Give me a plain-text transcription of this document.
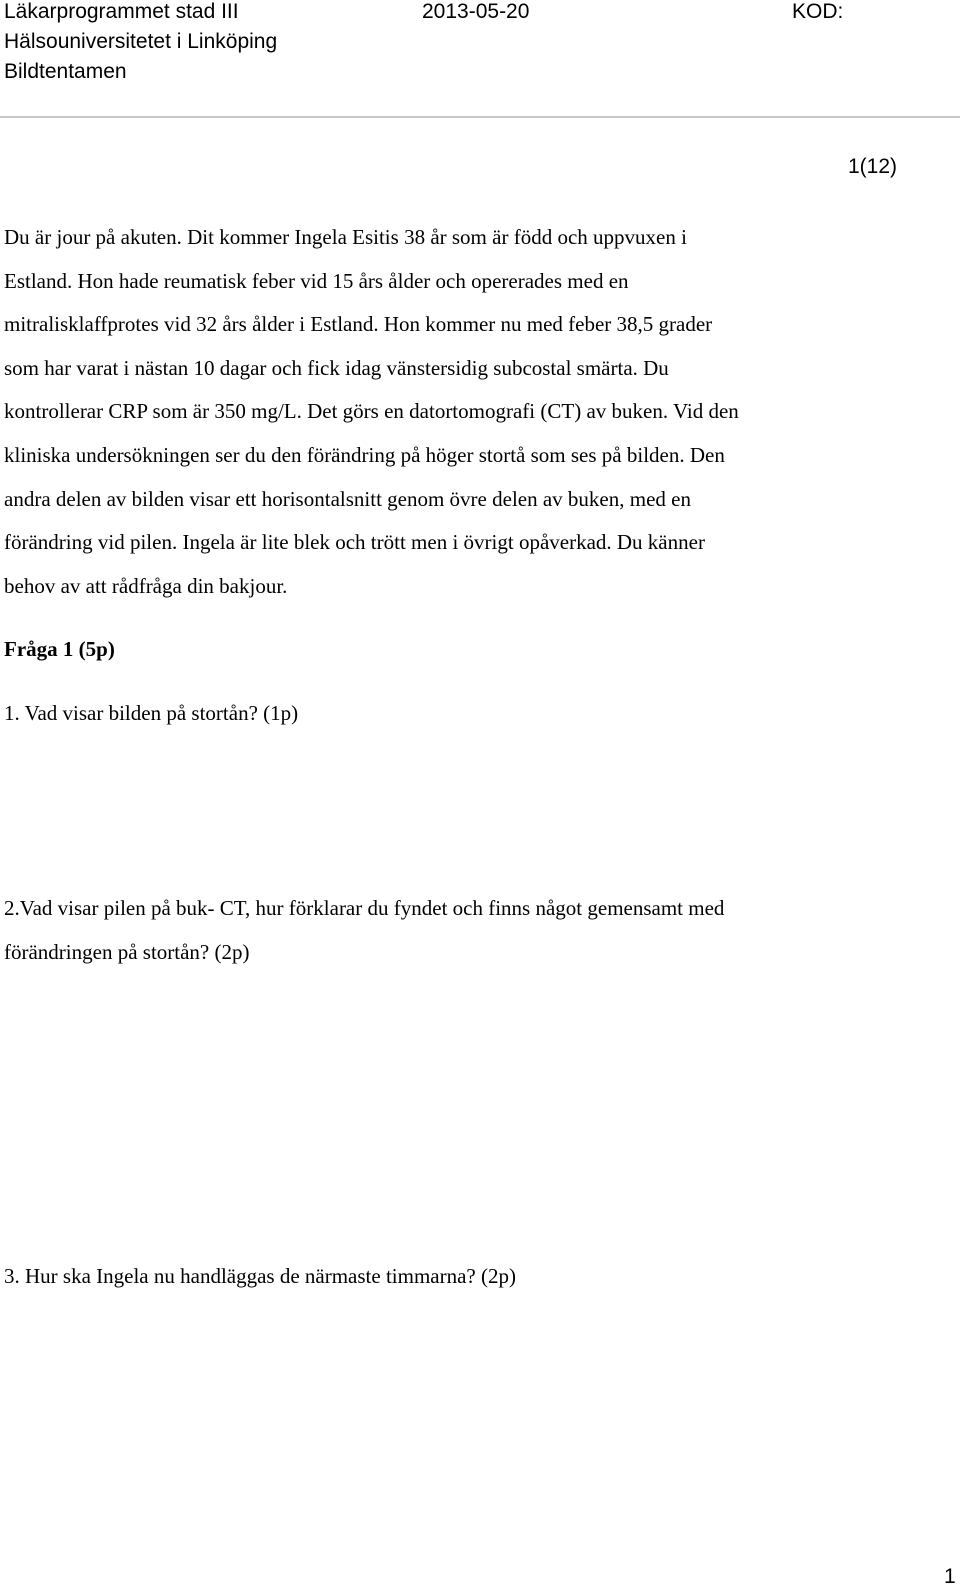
Läkarprogrammet stad III	2013-05-20	KOD:
Hälsouniversitetet i Linköping
Bildtentamen
1(12)
Du är jour på akuten. Dit kommer Ingela Esitis 38 år som är född och uppvuxen i
Estland. Hon hade reumatisk feber vid 15 års ålder och opererades med en
mitralisklaffprotes vid 32 års ålder i Estland. Hon kommer nu med feber 38,5 grader
som har varat i nästan 10 dagar och fick idag vänstersidig subcostal smärta. Du
kontrollerar CRP som är 350 mg/L. Det görs en datortomografi (CT) av buken. Vid den
kliniska undersökningen ser du den förändring på höger stortå som ses på bilden. Den
andra delen av bilden visar ett horisontalsnitt genom övre delen av buken, med en
förändring vid pilen. Ingela är lite blek och trött men i övrigt opåverkad. Du känner
behov av att rådfråga din bakjour.
Fråga 1 (5p)
1. Vad visar bilden på stortån? (1p)
2.Vad visar pilen på buk- CT, hur förklarar du fyndet och finns något gemensamt med
förändringen på stortån? (2p)
3. Hur ska Ingela nu handläggas de närmaste timmarna? (2p)
1
